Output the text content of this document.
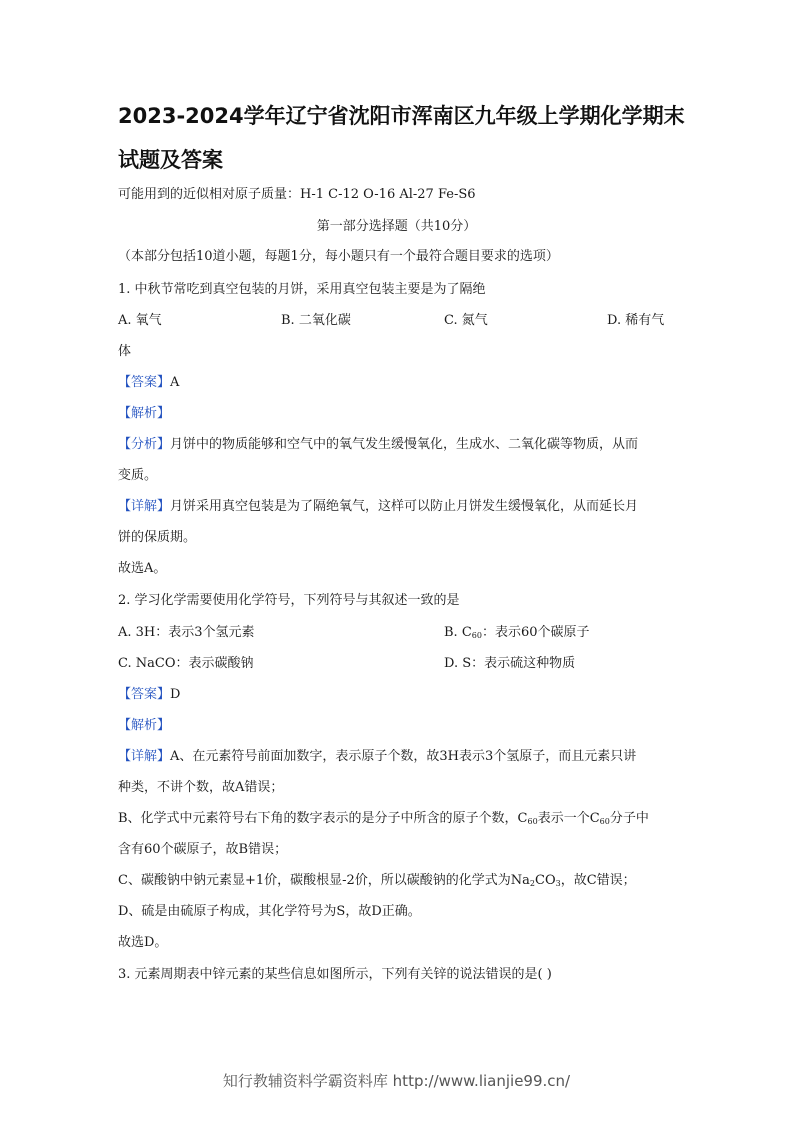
2023-2024学年辽宁省沈阳市浑南区九年级上学期化学期末
试题及答案
可能用到的近似相对原子质量：H-1 C-12 O-16 Al-27 Fe-S6
第一部分选择题（共10分）
（本部分包括10道小题，每题1分，每小题只有一个最符合题目要求的选项）
1. 中秋节常吃到真空包装的月饼，采用真空包装主要是为了隔绝
A. 氧气	B. 二氧化碳	C. 氮气	D. 稀有气
体
【答案】A
【解析】
【分析】月饼中的物质能够和空气中的氧气发生缓慢氧化，生成水、二氧化碳等物质，从而
变质。
【详解】月饼采用真空包装是为了隔绝氧气，这样可以防止月饼发生缓慢氧化，从而延长月
饼的保质期。
故选A。
2. 学习化学需要使用化学符号，下列符号与其叙述一致的是
A. 3H：表示3个氢元素	B. $C_{60}$：表示60个碳原子
C. NaCO：表示碳酸钠	D. S：表示硫这种物质
【答案】D
【解析】
【详解】A、在元素符号前面加数字，表示原子个数，故3H表示3个氢原子，而且元素只讲
种类，不讲个数，故A错误；
B、化学式中元素符号右下角的数字表示的是分子中所含的原子个数，$C_{60}$表示一个$C_{60}$分子中
含有60个碳原子，故B错误；
C、碳酸钠中钠元素显+1价，碳酸根显-2价，所以碳酸钠的化学式为$Na_2CO_3$，故C错误；
D、硫是由硫原子构成，其化学符号为S，故D正确。
故选D。
3. 元素周期表中锌元素的某些信息如图所示，下列有关锌的说法错误的是( )
知行教辅资料学霸资料库 http://www.lianjie99.cn/
